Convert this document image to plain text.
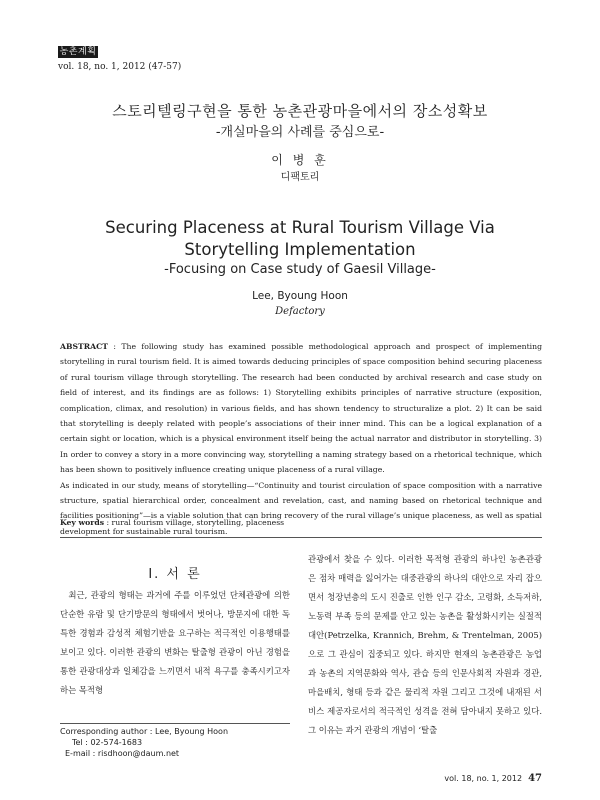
농촌계획
vol. 18, no. 1, 2012 (47-57)
스토리텔링구현을 통한 농촌관광마을에서의 장소성확보
-개실마을의 사례를 중심으로-
이 병 훈
디팩토리
Securing Placeness at Rural Tourism Village Via Storytelling Implementation
-Focusing on Case study of Gaesil Village-
Lee, Byoung Hoon
Defactory

ABSTRACT : The following study has examined possible methodological approach and prospect of implementing storytelling in rural tourism field. It is aimed towards deducing principles of space composition behind securing placeness of rural tourism village through storytelling. The research had been conducted by archival research and case study on field of interest, and its findings are as follows: 1) Storytelling exhibits principles of narrative structure (exposition, complication, climax, and resolution) in various fields, and has shown tendency to structuralize a plot. 2) It can be said that storytelling is deeply related with people’s associations of their inner mind. This can be a logical explanation of a certain sight or location, which is a physical environment itself being the actual narrator and distributor in storytelling. 3) In order to convey a story in a more convincing way, storytelling a naming strategy based on a rhetorical technique, which has been shown to positively influence creating unique placeness of a rural village.

As indicated in our study, means of storytelling—“Continuity and tourist circulation of space composition with a narrative structure, spatial hierarchical order, concealment and revelation, cast, and naming based on rhetorical technique and facilities positioning”—is a viable solution that can bring recovery of the rural village’s unique placeness, as well as spatial development for sustainable rural tourism.

Key words : rural tourism village, storytelling, placeness
I. 서 론

최근, 관광의 형태는 과거에 주를 이루었던 단체관광에 의한 단순한 유람 및 단기방문의 형태에서 벗어나, 방문지에 대한 독특한 경험과 감성적 체험기반을 요구하는 적극적인 이용행태를 보이고 있다. 이러한 관광의 변화는 탈출형 관광이 아닌 경험을 통한 관광대상과 일체감을 느끼면서 내적 욕구를 충족시키고자 하는 목적형

관광에서 찾을 수 있다. 이러한 목적형 관광의 하나인 농촌관광은 점차 매력을 잃어가는 대중관광의 하나의 대안으로 자리 잡으면서 청장년층의 도시 진출로 인한 인구 감소, 고령화, 소득저하, 노동력 부족 등의 문제를 안고 있는 농촌을 활성화시키는 실절적 대안(Petrzelka, Krannich, Brehm, & Trentelman, 2005)으로 그 관심이 집중되고 있다. 하지만 현재의 농촌관광은 농업과 농촌의 지역문화와 역사, 관습 등의 인문사회적 자원과 경관, 마을배치, 형태 등과 같은 물리적 자원 그리고 그것에 내재된 서비스 제공자로서의 적극적인 성격을 전혀 담아내지 못하고 있다. 그 이유는 과거 관광의 개념이 ‘탈출

Corresponding author : Lee, Byoung Hoon
Tel : 02-574-1683
E-mail : risdhoon@daum.net
vol. 18, no. 1, 2012 47
